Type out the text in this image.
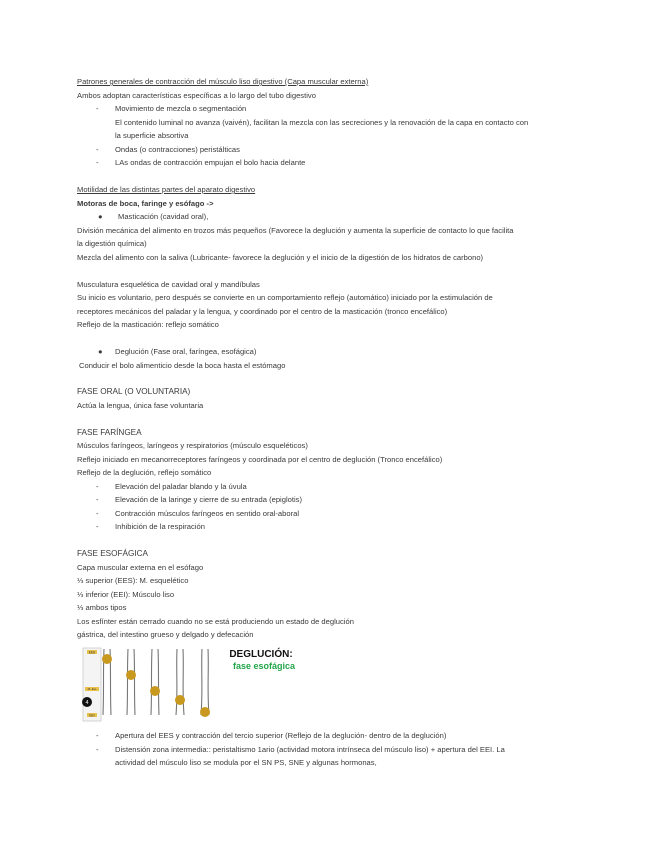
Patrones generales de contracción del músculo liso digestivo (Capa muscular externa)
Ambos adoptan características específicas a lo largo del tubo digestivo
- Movimiento de mezcla o segmentación
El contenido luminal no avanza (vaivén), facilitan la mezcla con las secreciones y la renovación de la capa en contacto con
la superficie absortiva
- Ondas (o contracciones) peristálticas
- LAs ondas de contracción empujan el bolo hacia delante
Motilidad de las distintas partes del aparato digestivo
Motoras de boca, faringe y esófago ->
● Masticación (cavidad oral),
División mecánica del alimento en trozos más pequeños (Favorece la deglución y aumenta la superficie de contacto lo que facilita
la digestión química)
Mezcla del alimento con la saliva (Lubricante- favorece la deglución y el inicio de la digestión de los hidratos de carbono)
Musculatura esquelética de cavidad oral y mandíbulas
Su inicio es voluntario, pero después se convierte en un comportamiento reflejo (automático) iniciado por la estimulación de
receptores mecánicos del paladar y la lengua, y coordinado por el centro de la masticación (tronco encefálico)
Reflejo de la masticación: reflejo somático
● Deglución (Fase oral, faríngea, esofágica)
Conducir el bolo alimenticio desde la boca hasta el estómago
FASE ORAL (O VOLUNTARIA)
Actúa la lengua, única fase voluntaria
FASE FARÍNGEA
Músculos faríngeos, laríngeos y respiratorios (músculo esqueléticos)
Reflejo iniciado en mecanorreceptores faríngeos y coordinada por el centro de deglución (Tronco encefálico)
Reflejo de la deglución, reflejo somático
- Elevación del paladar blando y la úvula
- Elevación de la laringe y cierre de su entrada (epiglotis)
- Contracción músculos faríngeos en sentido oral-aboral
- Inhibición de la respiración
FASE ESOFÁGICA
Capa muscular externa en el esófago
⅓ superior (EES): M. esquelético
⅓ inferior (EEI): Músculo liso
⅓ ambos tipos
Los esfínter están cerrado cuando no se está produciendo un estado de deglución
gástrica, del intestino grueso y delgado y defecación
EES
M. liso
4
EEI
DEGLUCIÓN:
fase esofágica
- Apertura del EES y contracción del tercio superior (Reflejo de la deglución- dentro de la deglución)
- Distensión zona intermedia:: peristaltismo 1ario (actividad motora intrínseca del músculo liso) + apertura del EEI. La
actividad del músculo liso se modula por el SN PS, SNE y algunas hormonas,
